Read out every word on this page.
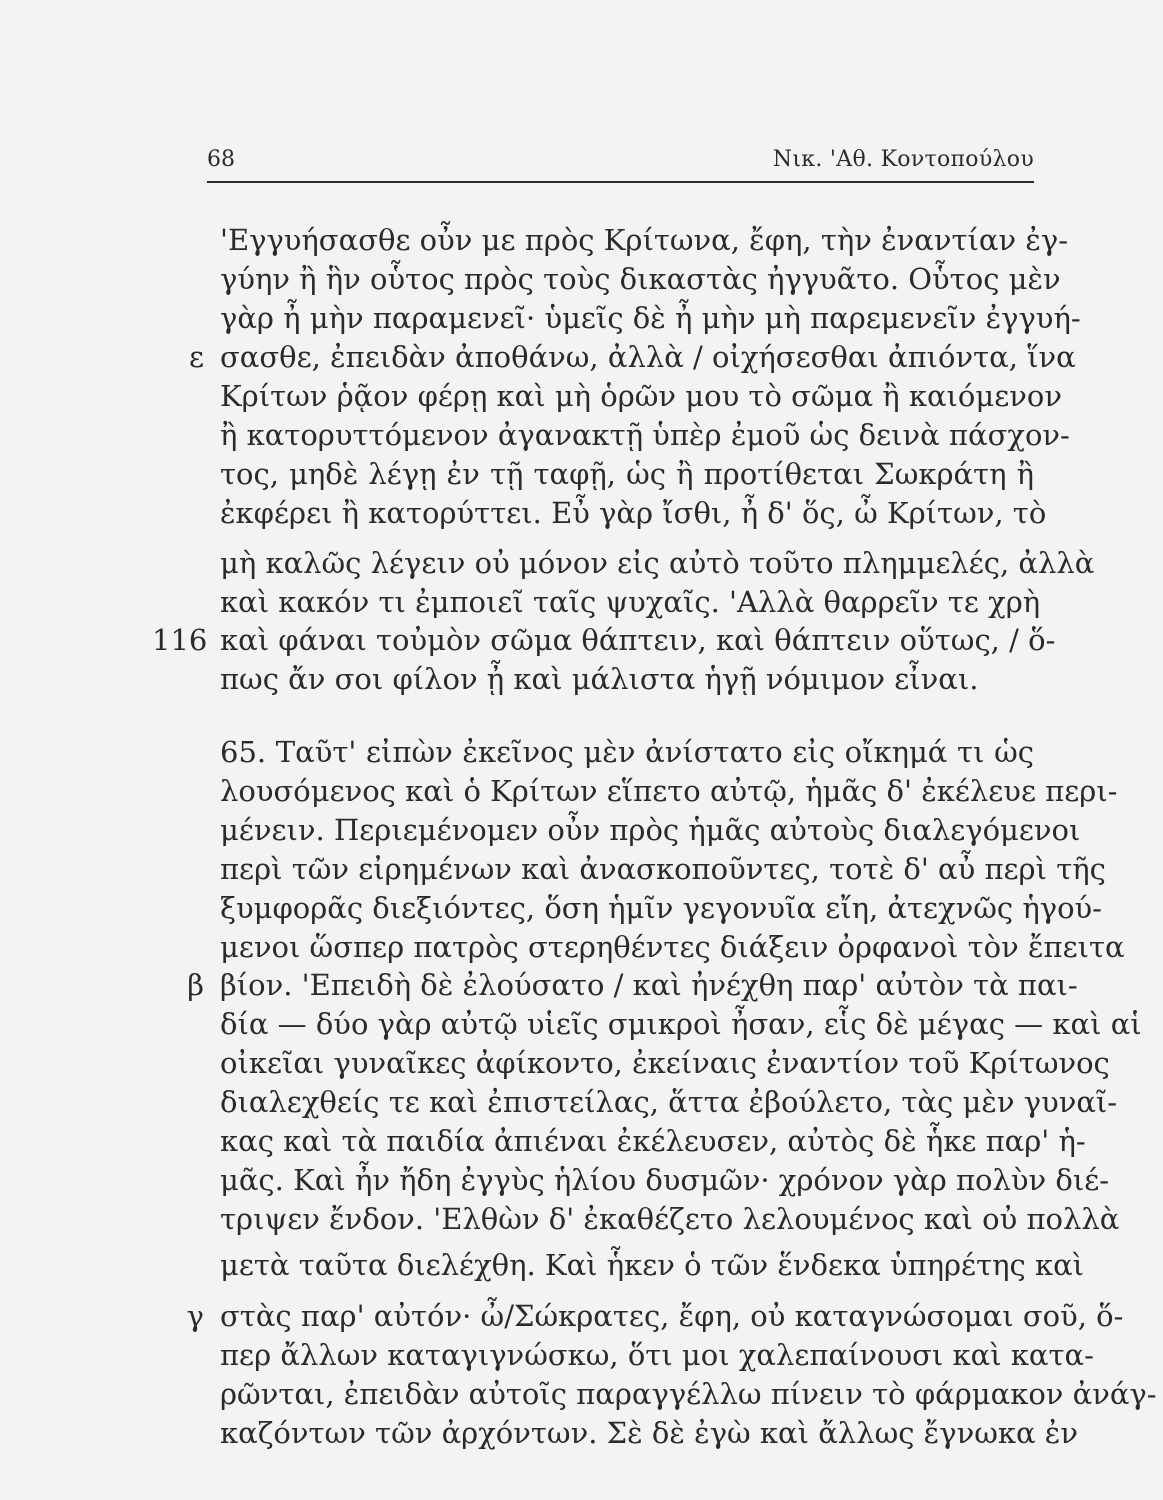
68	Νικ. 'Αθ. Κοντοπούλου
ε
116
β
γ
'Εγγυήσασθε οὖν με πρὸς Κρίτωνα, ἔφη, τὴν ἐναντίαν ἐγ-
γύην ἢ ἣν οὗτος πρὸς τοὺς δικαστὰς ἠγγυᾶτο. Οὗτος μὲν
γὰρ ἦ μὴν παραμενεῖ· ὑμεῖς δὲ ἦ μὴν μὴ παρεμενεῖν ἐγγυή-
σασθε, ἐπειδὰν ἀποθάνω, ἀλλὰ / οἰχήσεσθαι ἀπιόντα, ἵνα
Κρίτων ῥᾷον φέρῃ καὶ μὴ ὁρῶν μου τὸ σῶμα ἢ καιόμενον
ἢ κατορυττόμενον ἀγανακτῇ ὑπὲρ ἐμοῦ ὡς δεινὰ πάσχον-
τος, μηδὲ λέγῃ ἐν τῇ ταφῇ, ὡς ἢ προτίθεται Σωκράτη ἢ
ἐκφέρει ἢ κατορύττει. Εὖ γὰρ ἴσθι, ἦ δ' ὅς, ὦ Κρίτων, τὸ
μὴ καλῶς λέγειν οὐ μόνον εἰς αὐτὸ τοῦτο πλημμελές, ἀλλὰ
καὶ κακόν τι ἐμποιεῖ ταῖς ψυχαῖς. 'Αλλὰ θαρρεῖν τε χρὴ
καὶ φάναι τοὐμὸν σῶμα θάπτειν, καὶ θάπτειν οὕτως, / ὅ-
πως ἄν σοι φίλον ᾖ καὶ μάλιστα ἡγῇ νόμιμον εἶναι.
65. Ταῦτ' εἰπὼν ἐκεῖνος μὲν ἀνίστατο εἰς οἴκημά τι ὡς
λουσόμενος καὶ ὁ Κρίτων εἵπετο αὐτῷ, ἡμᾶς δ' ἐκέλευε περι-
μένειν. Περιεμένομεν οὖν πρὸς ἡμᾶς αὐτοὺς διαλεγόμενοι
περὶ τῶν εἰρημένων καὶ ἀνασκοποῦντες, τοτὲ δ' αὖ περὶ τῆς
ξυμφορᾶς διεξιόντες, ὅση ἡμῖν γεγονυῖα εἴη, ἀτεχνῶς ἡγού-
μενοι ὥσπερ πατρὸς στερηθέντες διάξειν ὀρφανοὶ τὸν ἔπειτα
βίον. 'Επειδὴ δὲ ἐλούσατο / καὶ ἠνέχθη παρ' αὐτὸν τὰ παι-
δία — δύο γὰρ αὐτῷ υἱεῖς σμικροὶ ἦσαν, εἷς δὲ μέγας — καὶ αἱ
οἰκεῖαι γυναῖκες ἀφίκοντο, ἐκείναις ἐναντίον τοῦ Κρίτωνος
διαλεχθείς τε καὶ ἐπιστείλας, ἅττα ἐβούλετο, τὰς μὲν γυναῖ-
κας καὶ τὰ παιδία ἀπιέναι ἐκέλευσεν, αὐτὸς δὲ ἧκε παρ' ἡ-
μᾶς. Καὶ ἦν ἤδη ἐγγὺς ἡλίου δυσμῶν· χρόνον γὰρ πολὺν διέ-
τριψεν ἔνδον. 'Ελθὼν δ' ἐκαθέζετο λελουμένος καὶ οὐ πολλὰ
μετὰ ταῦτα διελέχθη. Καὶ ἧκεν ὁ τῶν ἕνδεκα ὑπηρέτης καὶ
στὰς παρ' αὐτόν· ὦ/Σώκρατες, ἔφη, οὐ καταγνώσομαι σοῦ, ὅ-
περ ἄλλων καταγιγνώσκω, ὅτι μοι χαλεπαίνουσι καὶ κατα-
ρῶνται, ἐπειδὰν αὐτοῖς παραγγέλλω πίνειν τὸ φάρμακον ἀνάγ-
καζόντων τῶν ἀρχόντων. Σὲ δὲ ἐγὼ καὶ ἄλλως ἔγνωκα ἐν
